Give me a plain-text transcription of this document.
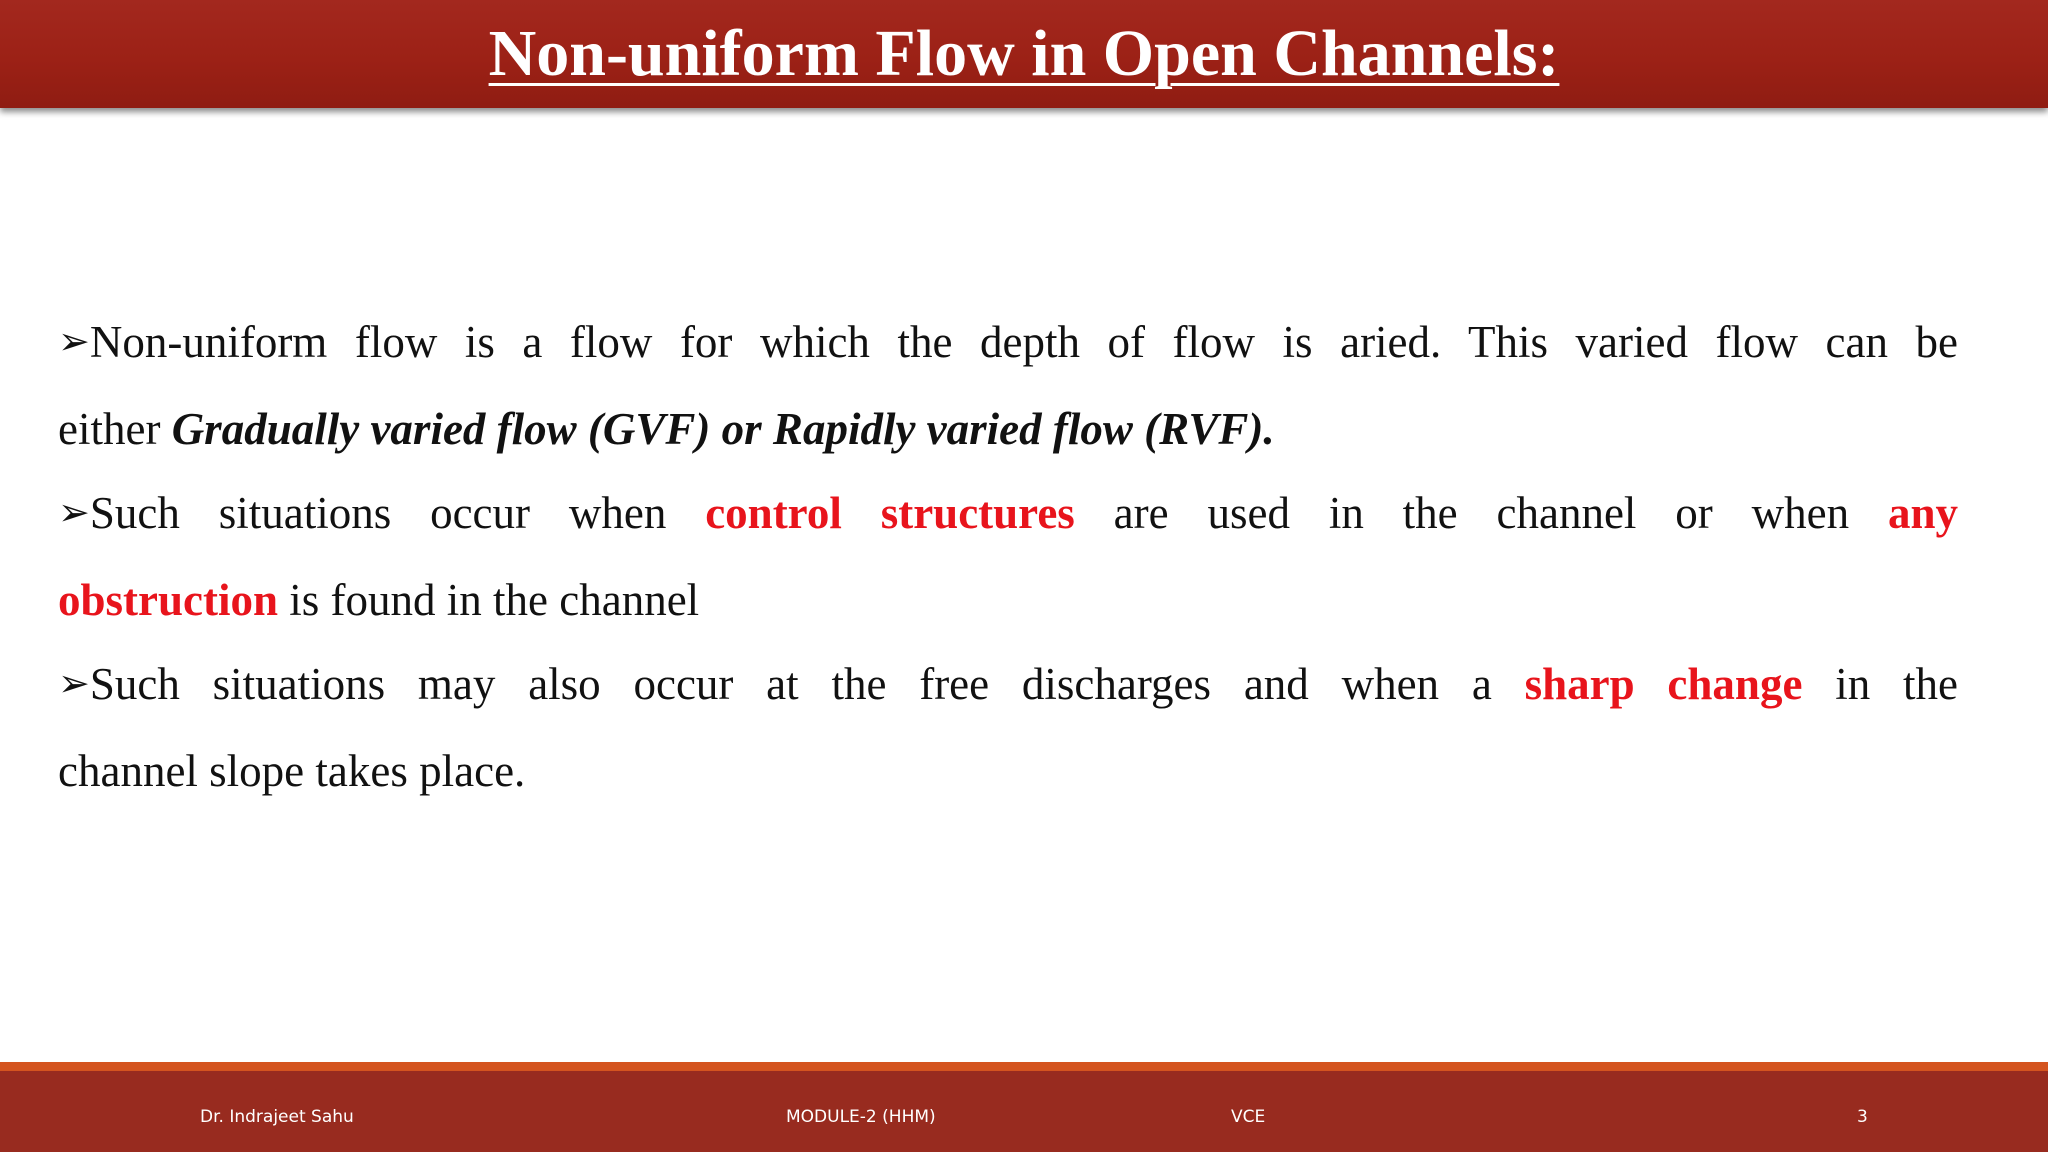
Non-uniform Flow in Open Channels:
➢Non-uniform flow is a flow for which the depth of flow is aried. This varied flow can be
either Gradually varied flow (GVF) or Rapidly varied flow (RVF).
➢Such situations occur when control structures are used in the channel or when any
obstruction is found in the channel
➢Such situations may also occur at the free discharges and when a sharp change in the
channel slope takes place.
Dr. Indrajeet Sahu	MODULE-2 (HHM)	VCE	3
